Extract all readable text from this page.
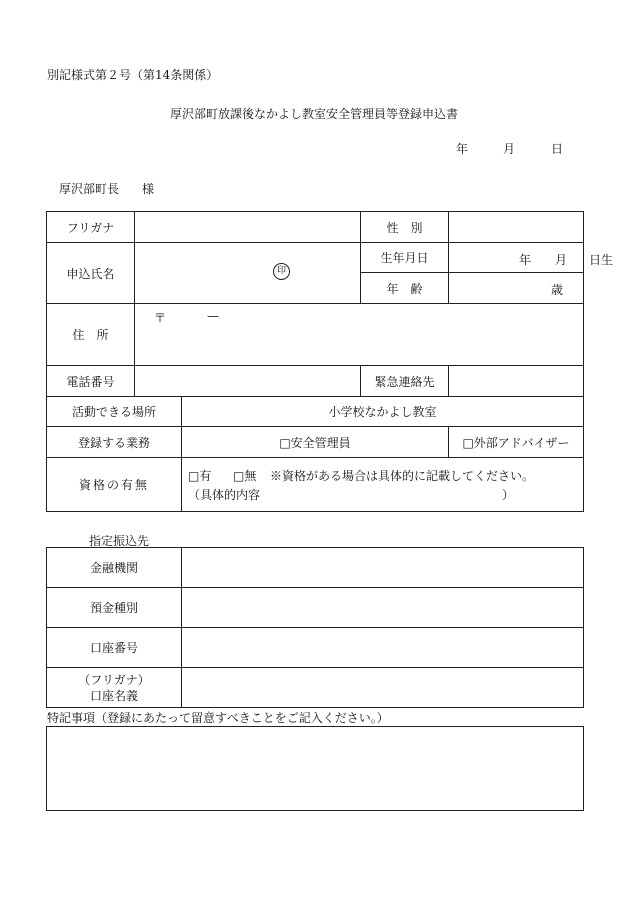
別記様式第２号（第14条関係）
厚沢部町放課後なかよし教室安全管理員等登録申込書
年	月	日
厚沢部町長 様
フリガナ			性　別	
申込氏名	印		生年月日	年 月 日生

			年　齢	歳

住　所	〒 —			

電話番号			緊急連絡先	
活動できる場所		小学校なかよし教室		
登録する業務		□安全管理員		□外部アドバイザー
資格の有無		□有 □無 ※資格がある場合は具体的に記載してください。
（具体的内容 ）		
指定振込先
金融機関	
預金種別	
口座番号	

（フリガナ）
口座名義	

特記事項（登録にあたって留意すべきことをご記入ください。）
